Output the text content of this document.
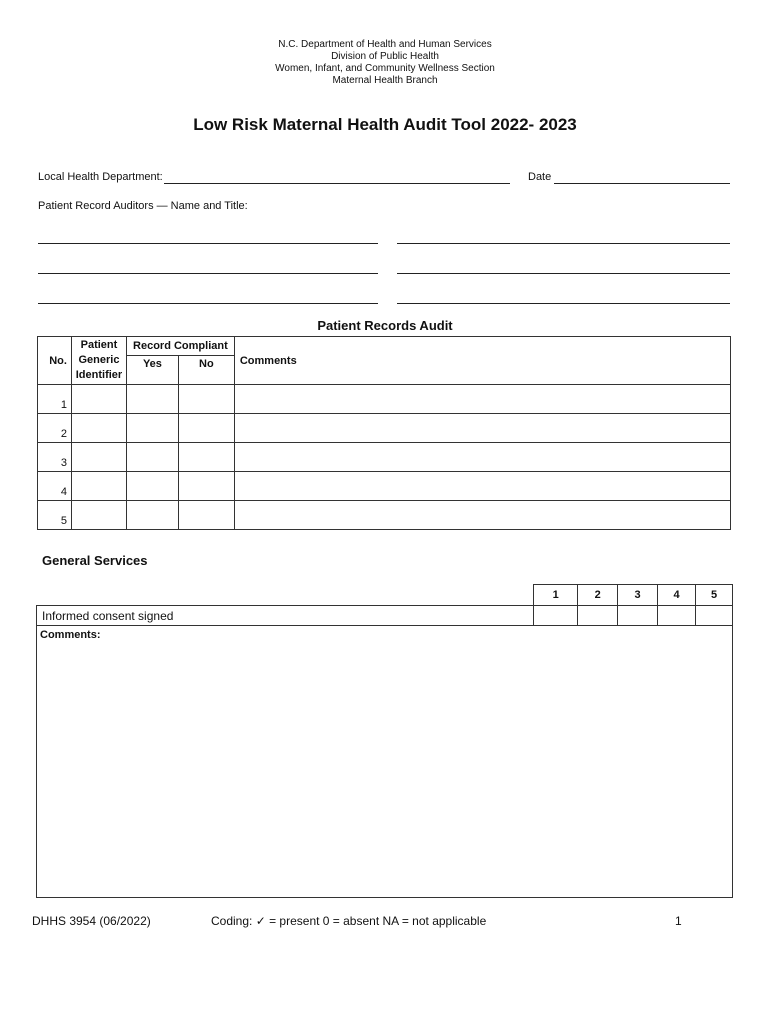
N.C. Department of Health and Human Services
Division of Public Health
Women, Infant, and Community Wellness Section
Maternal Health Branch
Low Risk Maternal Health Audit Tool 2022- 2023
Local Health Department:	Date
Patient Record Auditors — Name and Title:
Patient Records Audit
No.	Patient Generic Identifier	Record Compliant		Comments
		Yes	No	
1				
2				
3				
4				
5				
General Services
	1	2	3	4	5
Informed consent signed					
Comments:
DHHS 3954 (06/2022)	Coding: ✓ = present 0 = absent NA = not applicable	1
